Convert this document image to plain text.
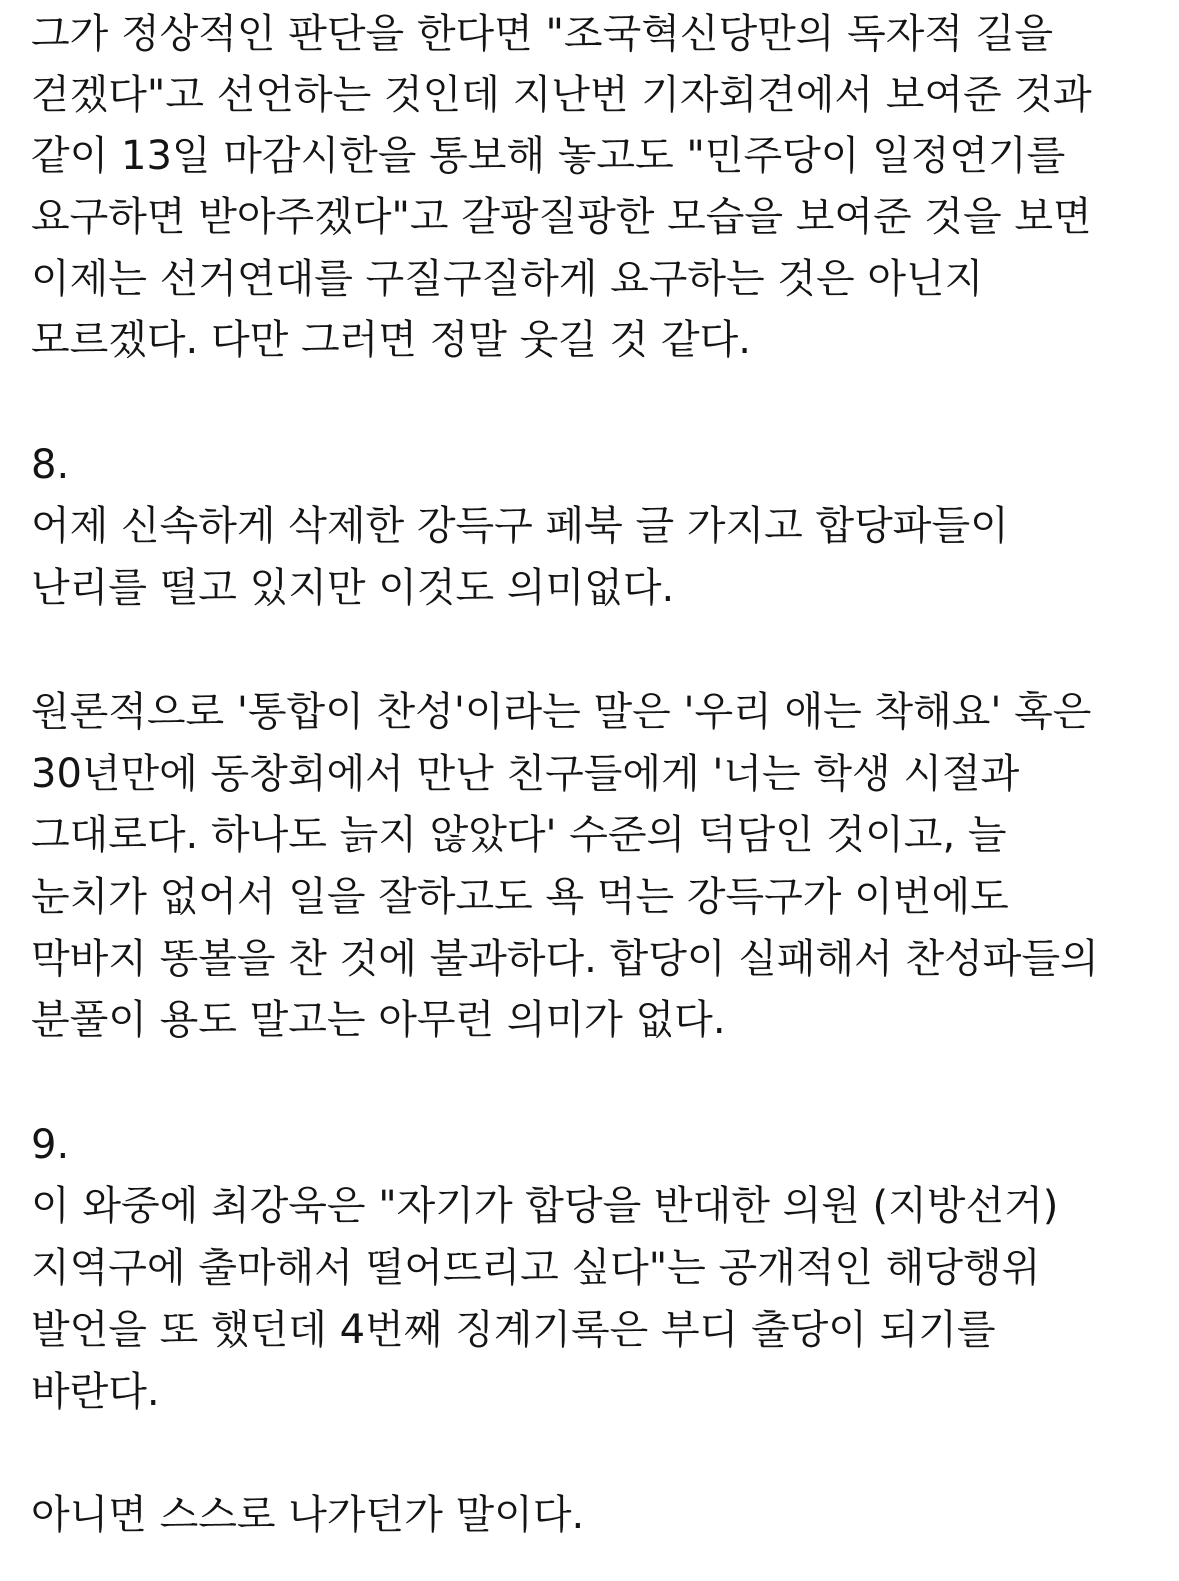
그가 정상적인 판단을 한다면 "조국혁신당만의 독자적 길을
걷겠다"고 선언하는 것인데 지난번 기자회견에서 보여준 것과
같이 13일 마감시한을 통보해 놓고도 "민주당이 일정연기를
요구하면 받아주겠다"고 갈팡질팡한 모습을 보여준 것을 보면
이제는 선거연대를 구질구질하게 요구하는 것은 아닌지
모르겠다. 다만 그러면 정말 웃길 것 같다.
8.
어제 신속하게 삭제한 강득구 페북 글 가지고 합당파들이
난리를 떨고 있지만 이것도 의미없다.
원론적으로 '통합이 찬성'이라는 말은 '우리 애는 착해요' 혹은
30년만에 동창회에서 만난 친구들에게 '너는 학생 시절과
그대로다. 하나도 늙지 않았다' 수준의 덕담인 것이고, 늘
눈치가 없어서 일을 잘하고도 욕 먹는 강득구가 이번에도
막바지 똥볼을 찬 것에 불과하다. 합당이 실패해서 찬성파들의
분풀이 용도 말고는 아무런 의미가 없다.
9.
이 와중에 최강욱은 "자기가 합당을 반대한 의원 (지방선거)
지역구에 출마해서 떨어뜨리고 싶다"는 공개적인 해당행위
발언을 또 했던데 4번째 징계기록은 부디 출당이 되기를
바란다.
아니면 스스로 나가던가 말이다.
